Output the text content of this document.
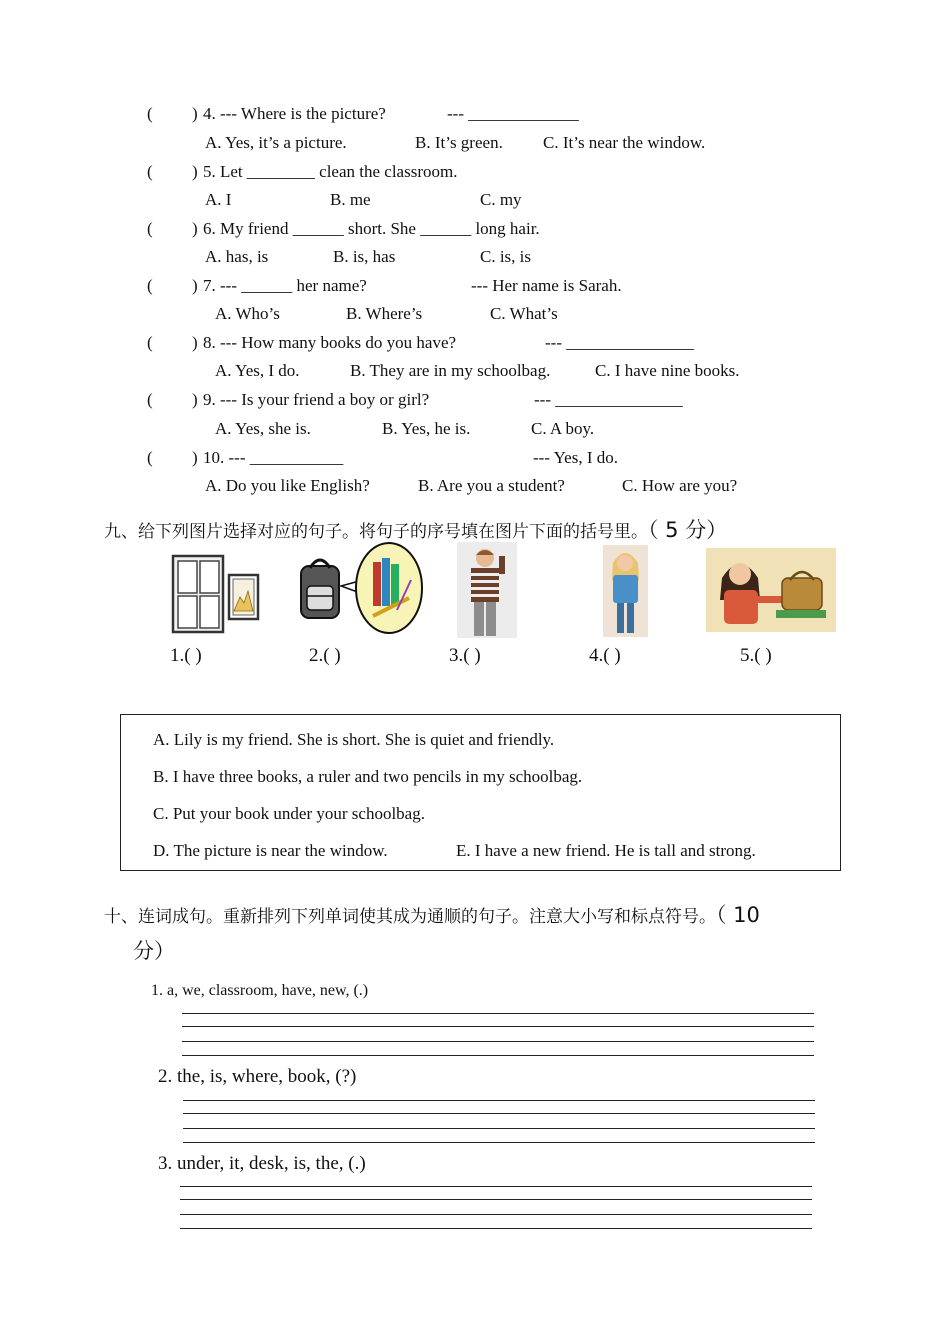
( ) 4. --- Where is the picture?	--- _____________
A. Yes, it’s a picture.	B. It’s green. C. It’s near the window.
( ) 5. Let ________ clean the classroom.
A. I	B. me	C. my
( ) 6. My friend ______ short. She ______ long hair.
A. has, is	B. is, has	C. is, is
( ) 7. --- ______ her name?	--- Her name is Sarah.
A. Who’s	B. Where’s	C. What’s
( ) 8. --- How many books do you have?	--- _______________
A. Yes, I do.	B. They are in my schoolbag.	C. I have nine books.
( ) 9. --- Is your friend a boy or girl?	--- _______________
A. Yes, she is.	B. Yes, he is.	C. A boy.
( ) 10. --- ___________	--- Yes, I do.
A. Do you like English?	B. Are you a student?	C. How are you?
九、给下列图片选择对应的句子。将句子的序号填在图片下面的括号里。（ 5 分）
1.( )	2.( )	3.( )	4.( )	5.( )
A. Lily is my friend. She is short. She is quiet and friendly.
B. I have three books, a ruler and two pencils in my schoolbag.
C. Put your book under your schoolbag.
D. The picture is near the window.	E. I have a new friend. He is tall and strong.
十、连词成句。重新排列下列单词使其成为通顺的句子。注意大小写和标点符号。（ 10
分）
1. a, we, classroom, have, new, (.)
2. the, is, where, book, (?)
3. under, it, desk, is, the, (.)
